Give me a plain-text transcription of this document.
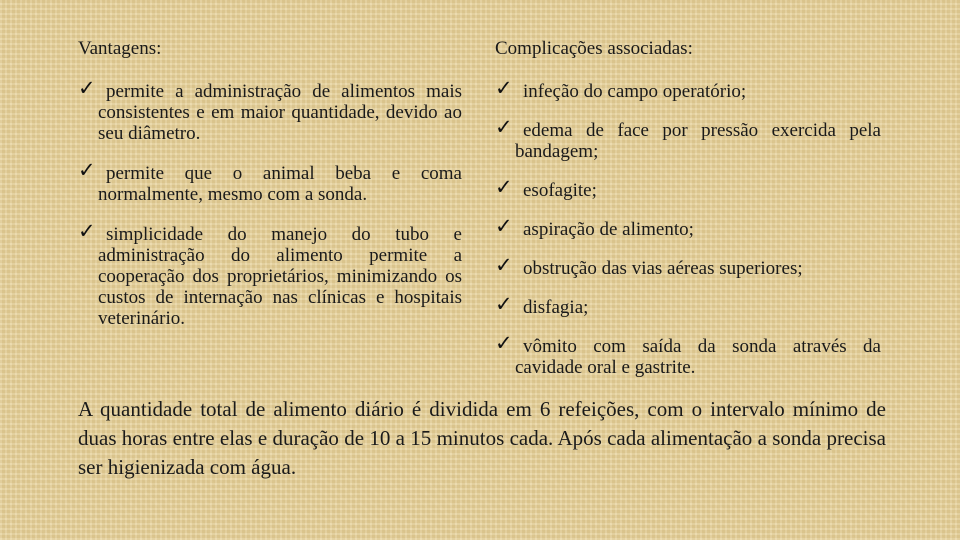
Vantagens:
✓ permite a administração de alimentos mais consistentes e em maior quantidade, devido ao seu diâmetro.
✓ permite que o animal beba e coma normalmente, mesmo com a sonda.
✓ simplicidade do manejo do tubo e administração do alimento permite a cooperação dos proprietários, minimizando os custos de internação nas clínicas e hospitais veterinário.
Complicações associadas:
✓ infeção do campo operatório;
✓ edema de face por pressão exercida pela bandagem;
✓ esofagite;
✓ aspiração de alimento;
✓ obstrução das vias aéreas superiores;
✓ disfagia;
✓ vômito com saída da sonda através da cavidade oral e gastrite.

A quantidade total de alimento diário é dividida em 6 refeições, com o intervalo mínimo de duas horas entre elas e duração de 10 a 15 minutos cada. Após cada alimentação a sonda precisa ser higienizada com água.
